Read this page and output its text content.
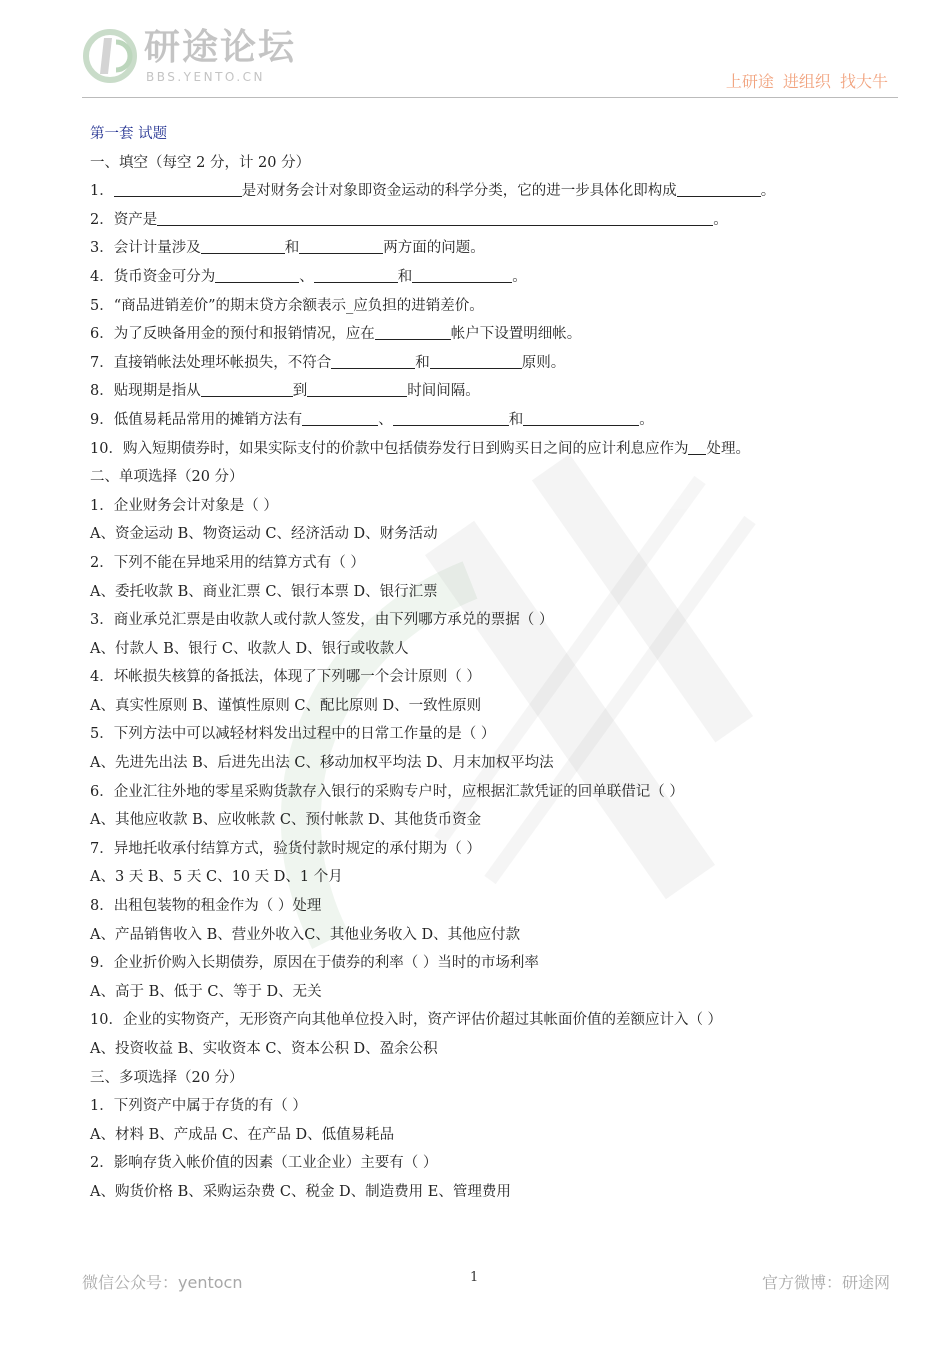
研途论坛
BBS.YENTO.CN	上研途 进组织 找大牛
第一套 试题
一、填空（每空 2 分，计 20 分）
1．	是对财务会计对象即资金运动的科学分类，它的进一步具体化即构成	。
2．资产是	。
3．会计计量涉及	和	两方面的问题。
4．货币资金可分为	、	和	。
5．“商品进销差价”的期末贷方余额表示_应负担的进销差价。
6．为了反映备用金的预付和报销情况，应在	帐户下设置明细帐。
7．直接销帐法处理坏帐损失，不符合	和	原则。
8．贴现期是指从	到	时间间隔。
9．低值易耗品常用的摊销方法有	、	和	。
10．购入短期债券时，如果实际支付的价款中包括债券发行日到购买日之间的应计利息应作为 处理。
二、单项选择（20 分）
1．企业财务会计对象是（ ）
A、资金运动 B、物资运动 C、经济活动 D、财务活动
2．下列不能在异地采用的结算方式有（ ）
A、委托收款 B、商业汇票 C、银行本票 D、银行汇票
3．商业承兑汇票是由收款人或付款人签发，由下列哪方承兑的票据（ ）
A、付款人 B、银行 C、收款人 D、银行或收款人
4．坏帐损失核算的备抵法，体现了下列哪一个会计原则（ ）
A、真实性原则 B、谨慎性原则 C、配比原则 D、一致性原则
5．下列方法中可以减轻材料发出过程中的日常工作量的是（ ）
A、先进先出法 B、后进先出法 C、移动加权平均法 D、月末加权平均法
6．企业汇往外地的零星采购货款存入银行的采购专户时，应根据汇款凭证的回单联借记（ ）
A、其他应收款 B、应收帐款 C、预付帐款 D、其他货币资金
7．异地托收承付结算方式，验货付款时规定的承付期为（ ）
A、3 天 B、5 天 C、10 天 D、1 个月
8．出租包装物的租金作为（ ）处理
A、产品销售收入 B、营业外收入C、其他业务收入 D、其他应付款
9．企业折价购入长期债券，原因在于债券的利率（ ）当时的市场利率
A、高于 B、低于 C、等于 D、无关
10．企业的实物资产，无形资产向其他单位投入时，资产评估价超过其帐面价值的差额应计入（ ）
A、投资收益 B、实收资本 C、资本公积 D、盈余公积
三、多项选择（20 分）
1．下列资产中属于存货的有（ ）
A、材料 B、产成品 C、在产品 D、低值易耗品
2．影响存货入帐价值的因素（工业企业）主要有（ ）
A、购货价格 B、采购运杂费 C、税金 D、制造费用 E、管理费用
微信公众号：yentocn	1	官方微博：研途网
